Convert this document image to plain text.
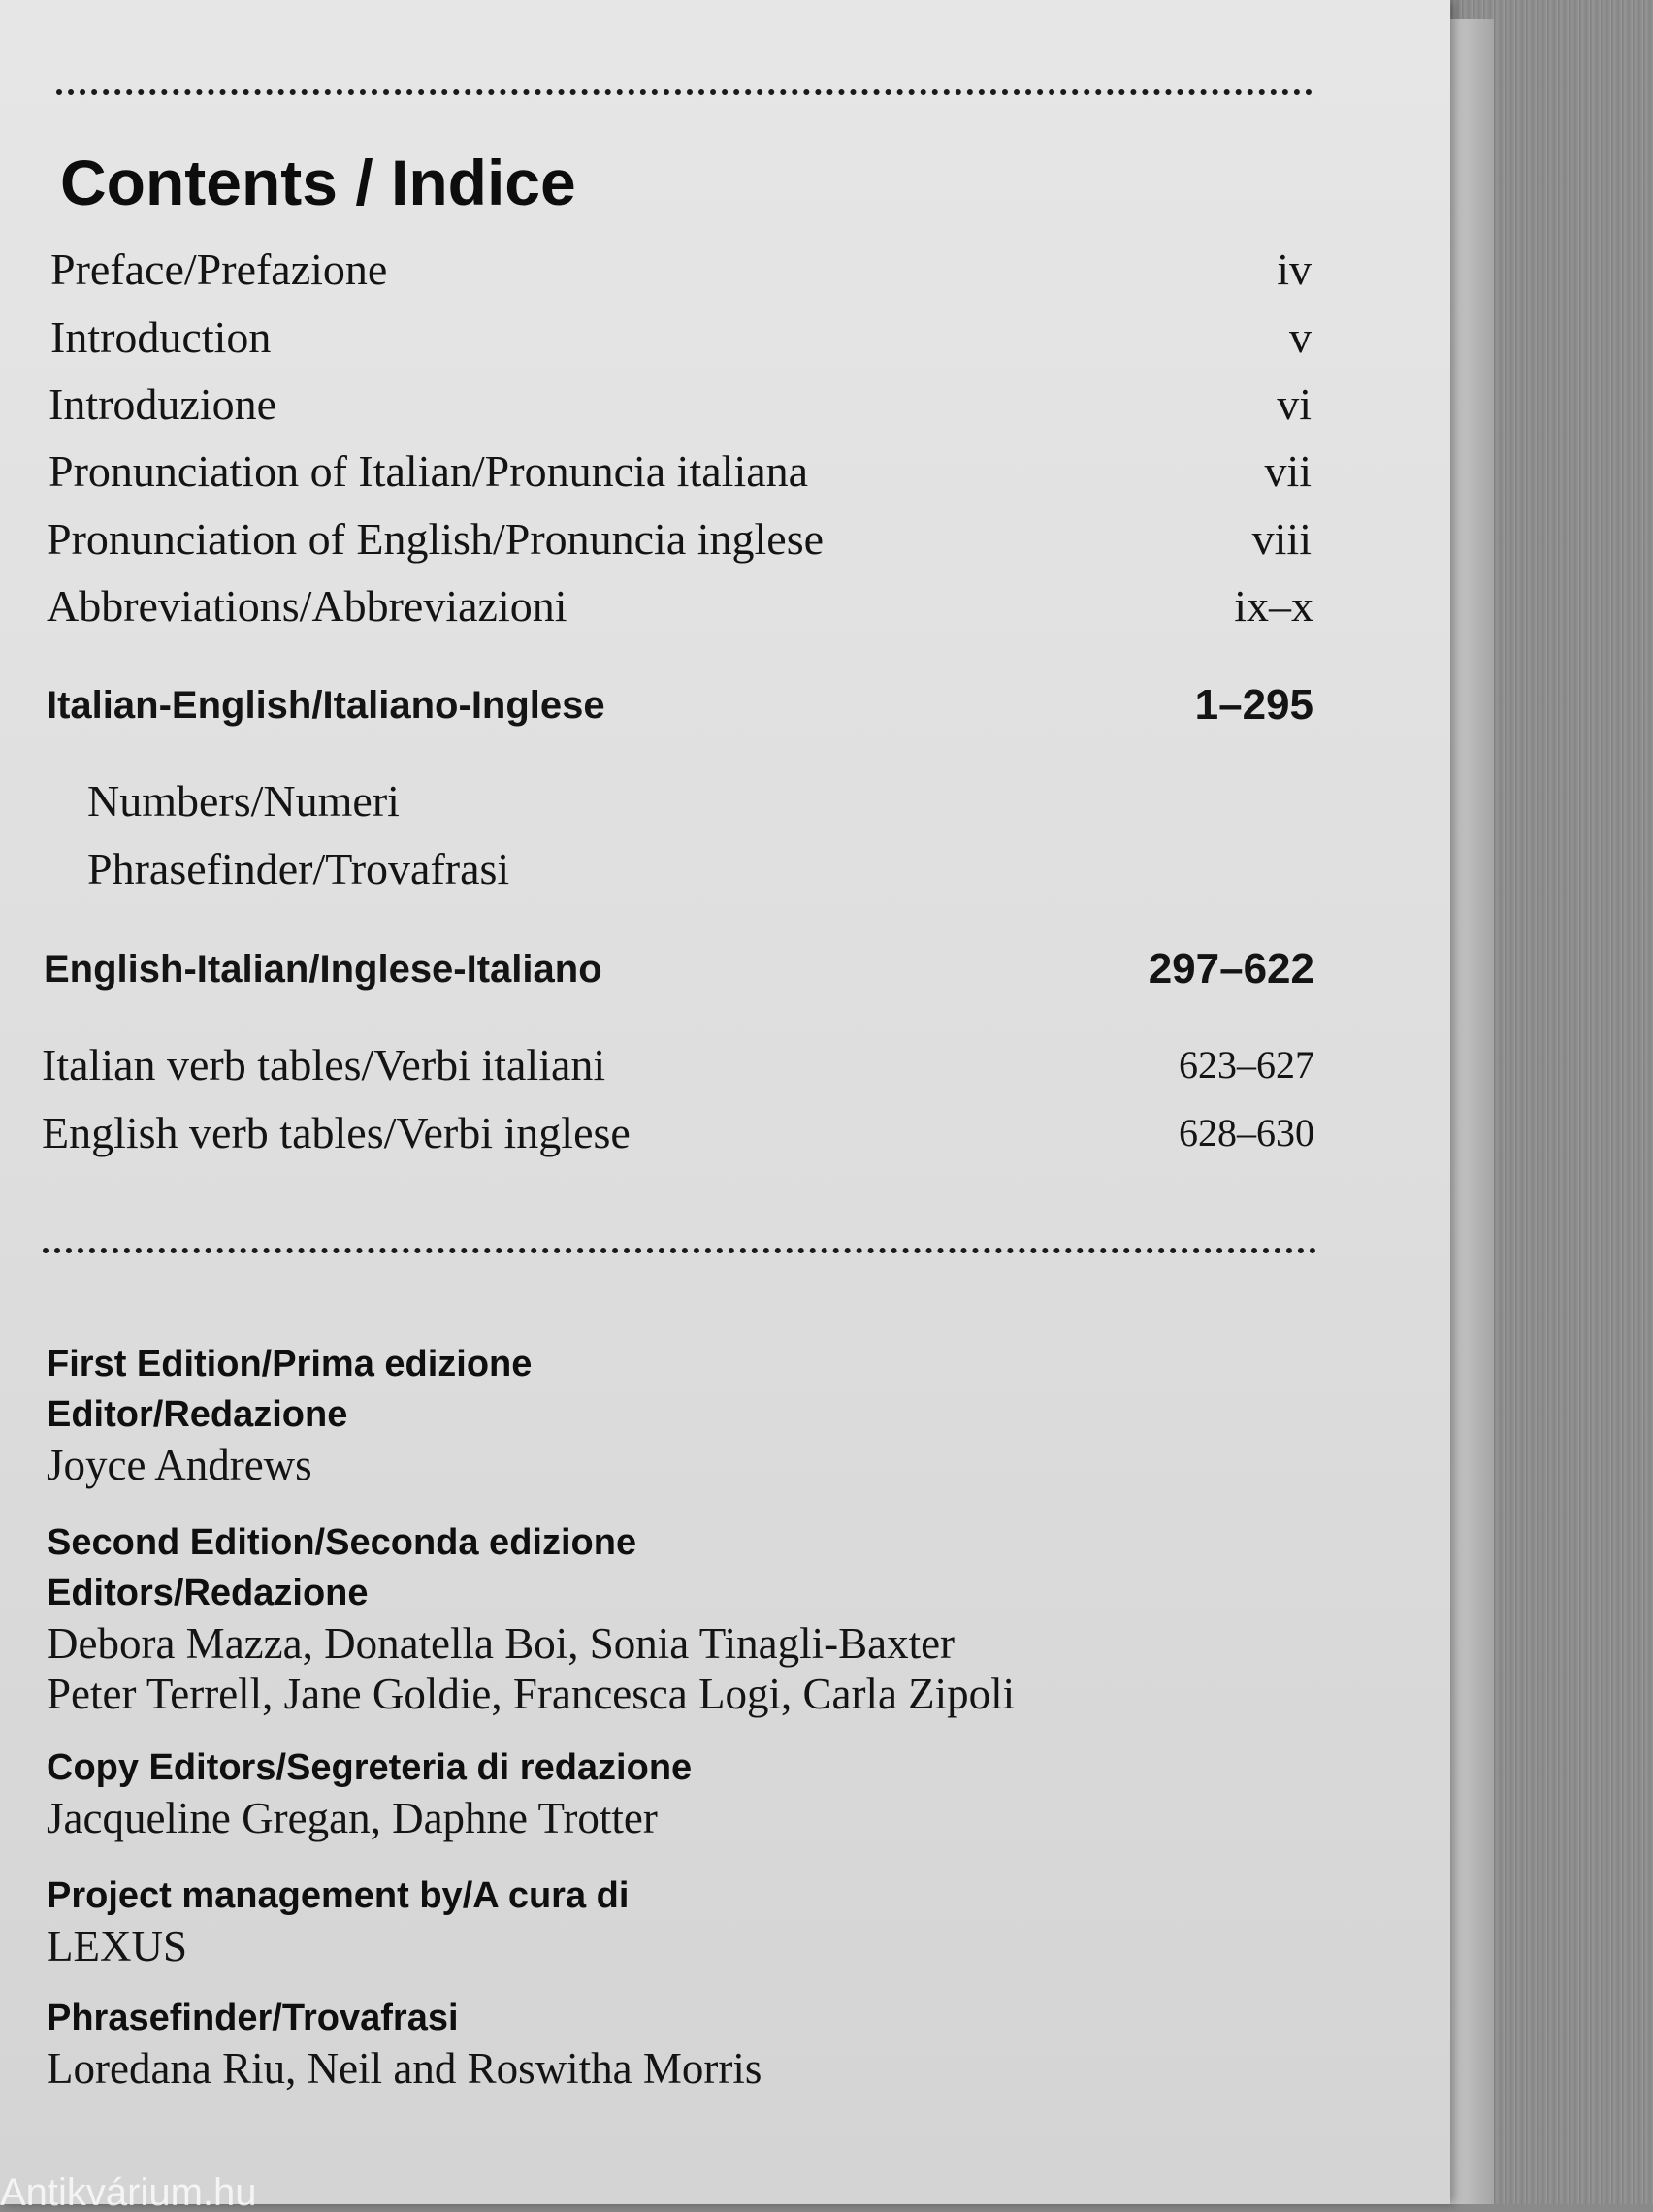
Contents / Indice
Preface/Prefazione	iv
Introduction	v
Introduzione	vi
Pronunciation of Italian/Pronuncia italiana	vii
Pronunciation of English/Pronuncia inglese	viii
Abbreviations/Abbreviazioni	ix–x
Italian-English/Italiano-Inglese	1–295
Numbers/Numeri
Phrasefinder/Trovafrasi
English-Italian/Inglese-Italiano	297–622
Italian verb tables/Verbi italiani	623–627
English verb tables/Verbi inglese	628–630
First Edition/Prima edizione
Editor/Redazione
Joyce Andrews
Second Edition/Seconda edizione
Editors/Redazione
Debora Mazza, Donatella Boi, Sonia Tinagli-Baxter
Peter Terrell, Jane Goldie, Francesca Logi, Carla Zipoli
Copy Editors/Segreteria di redazione
Jacqueline Gregan, Daphne Trotter
Project management by/A cura di
LEXUS
Phrasefinder/Trovafrasi
Loredana Riu, Neil and Roswitha Morris
Antikvárium.hu
